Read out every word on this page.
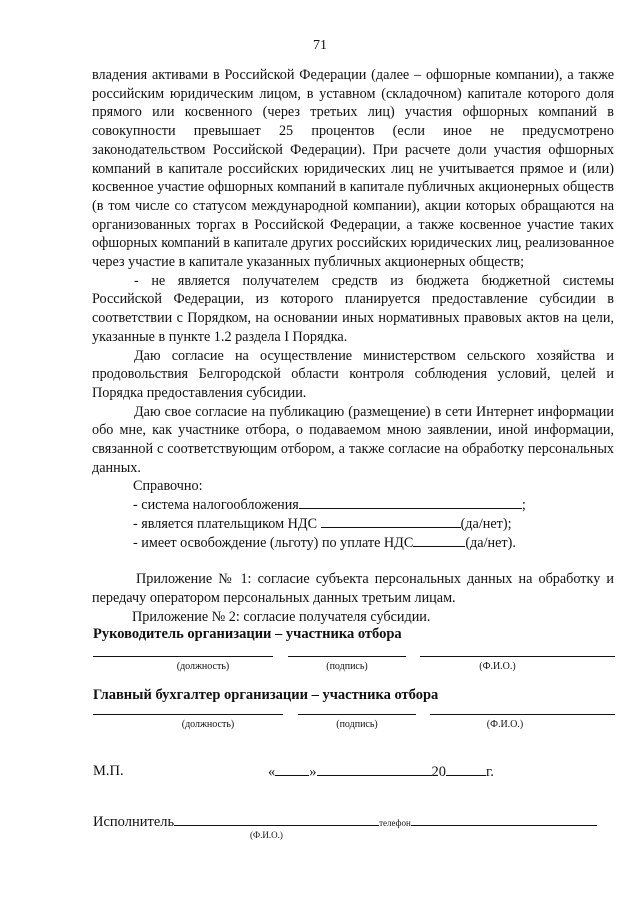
71

владения активами в Российской Федерации (далее – офшорные компании), а также российским юридическим лицом, в уставном (складочном) капитале которого доля прямого или косвенного (через третьих лиц) участия офшорных компаний в совокупности превышает 25 процентов (если иное не предусмотрено законодательством Российской Федерации). При расчете доли участия офшорных компаний в капитале российских юридических лиц не учитывается прямое и (или) косвенное участие офшорных компаний в капитале публичных акционерных обществ (в том числе со статусом международной компании), акции которых обращаются на организованных торгах в Российской Федерации, а также косвенное участие таких офшорных компаний в капитале других российских юридических лиц, реализованное через участие в капитале указанных публичных акционерных обществ;

- не является получателем средств из бюджета бюджетной системы Российской Федерации, из которого планируется предоставление субсидии в соответствии с Порядком, на основании иных нормативных правовых актов на цели, указанные в пункте 1.2 раздела I Порядка.

Даю согласие на осуществление министерством сельского хозяйства и продовольствия Белгородской области контроля соблюдения условий, целей и Порядка предоставления субсидии.

Даю свое согласие на публикацию (размещение) в сети Интернет информации обо мне, как участнике отбора, о подаваемом мною заявлении, иной информации, связанной с соответствующим отбором, а также согласие на обработку персональных данных.

Справочно:

- система налогообложения	;

- является плательщиком НДС	(да/нет);

- имеет освобождение (льготу) по уплате НДС	(да/нет).

Приложение № 1: согласие субъекта персональных данных на обработку и передачу оператором персональных данных третьим лицам.

Приложение № 2: согласие получателя субсидии.

Руководитель организации – участника отбора
(должность)	(подпись)	(Ф.И.О.)
Главный бухгалтер организации – участника отбора
(должность)	(подпись)	(Ф.И.О.)
М.П.	« »	20	г.
Исполнитель	телефон
(Ф.И.О.)
